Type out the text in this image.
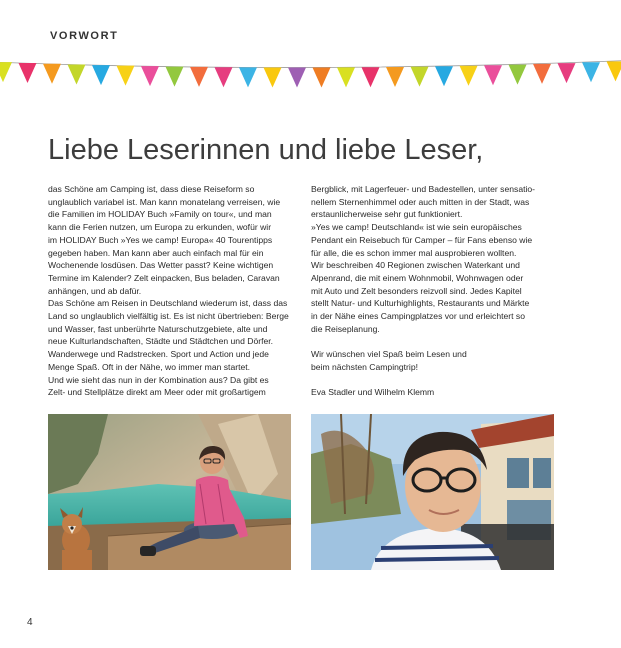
VORWORT
Liebe Leserinnen und liebe Leser,

das Schöne am Camping ist, dass diese Reiseform so

unglaublich variabel ist. Man kann monatelang verreisen, wie

die Familien im HOLIDAY Buch »Family on tour«, und man

kann die Ferien nutzen, um Europa zu erkunden, wofür wir

im HOLIDAY Buch »Yes we camp! Europa« 40 Tourentipps

gegeben haben. Man kann aber auch einfach mal für ein

Wochenende losdüsen. Das Wetter passt? Keine wichtigen

Termine im Kalender? Zelt einpacken, Bus beladen, Caravan

anhängen, und ab dafür.

Das Schöne am Reisen in Deutschland wiederum ist, dass das

Land so unglaublich vielfältig ist. Es ist nicht übertrieben: Berge

und Wasser, fast unberührte Naturschutzgebiete, alte und

neue Kulturlandschaften, Städte und Städtchen und Dörfer.

Wanderwege und Radstrecken. Sport und Action und jede

Menge Spaß. Oft in der Nähe, wo immer man startet.

Und wie sieht das nun in der Kombination aus? Da gibt es

Zelt- und Stellplätze direkt am Meer oder mit großartigem

Bergblick, mit Lagerfeuer- und Badestellen, unter sensatio-

nellem Sternenhimmel oder auch mitten in der Stadt, was

erstaunlicherweise sehr gut funktioniert.

»Yes we camp! Deutschland« ist wie sein europäisches

Pendant ein Reisebuch für Camper – für Fans ebenso wie

für alle, die es schon immer mal ausprobieren wollten.

Wir beschreiben 40 Regionen zwischen Waterkant und

Alpenrand, die mit einem Wohnmobil, Wohnwagen oder

mit Auto und Zelt besonders reizvoll sind. Jedes Kapitel

stellt Natur- und Kulturhighlights, Restaurants und Märkte

in der Nähe eines Campingplatzes vor und erleichtert so

die Reiseplanung.

Wir wünschen viel Spaß beim Lesen und

beim nächsten Campingtrip!

Eva Stadler und Wilhelm Klemm

4
